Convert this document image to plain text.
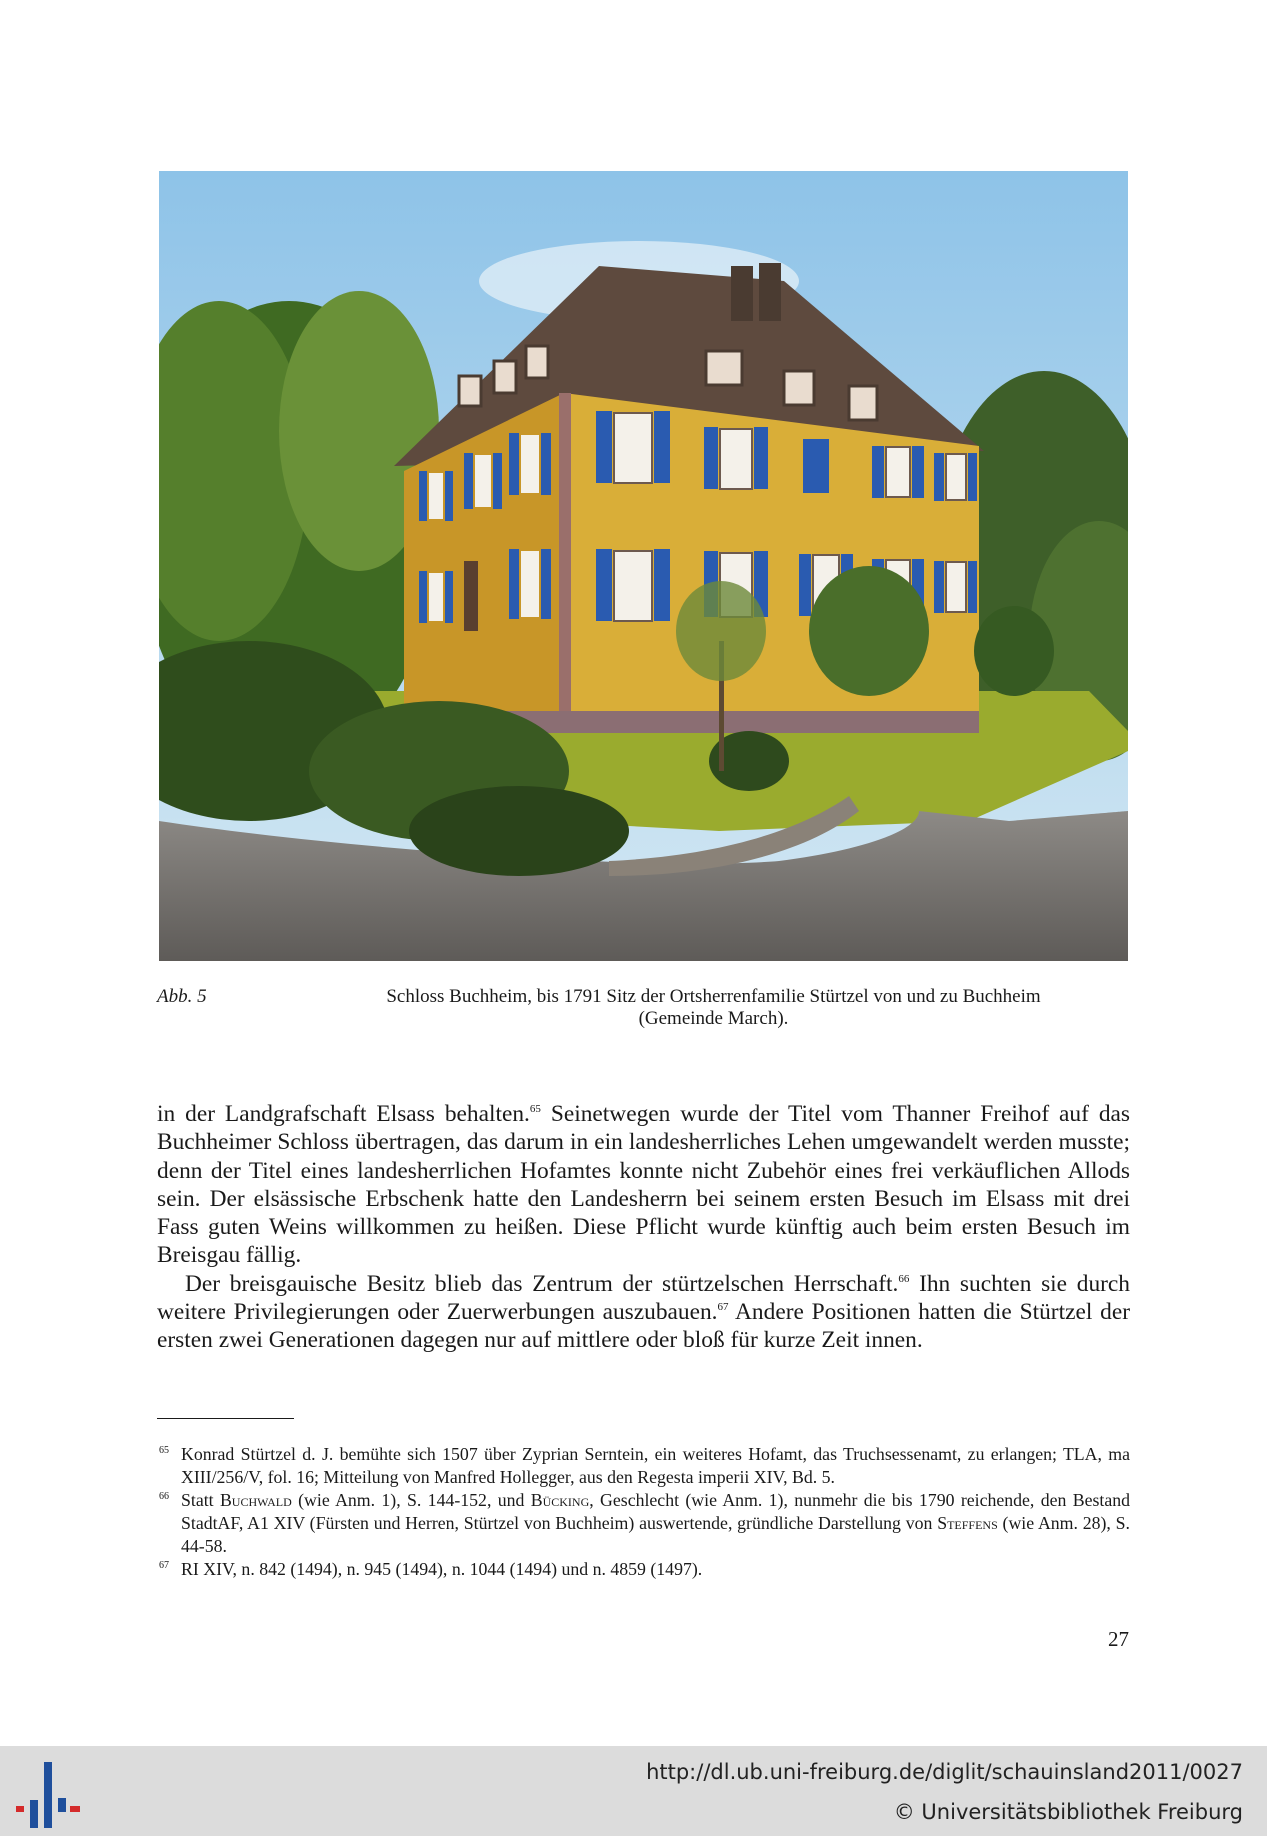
Abb. 5	Schloss Buchheim, bis 1791 Sitz der Ortsherrenfamilie Stürtzel von und zu Buchheim
(Gemeinde March).

in der Landgrafschaft Elsass behalten.$^{65}$ Seinetwegen wurde der Titel vom Thanner Freihof auf das Buchheimer Schloss übertragen, das darum in ein landesherrliches Lehen umgewandelt werden musste; denn der Titel eines landesherrlichen Hofamtes konnte nicht Zubehör eines frei verkäuflichen Allods sein. Der elsässische Erbschenk hatte den Landesherrn bei seinem ersten Besuch im Elsass mit drei Fass guten Weins willkommen zu heißen. Diese Pflicht wurde künftig auch beim ersten Besuch im Breisgau fällig.

Der breisgauische Besitz blieb das Zentrum der stürtzelschen Herrschaft.$^{66}$ Ihn suchten sie durch weitere Privilegierungen oder Zuerwerbungen auszubauen.$^{67}$ Andere Positionen hatten die Stürtzel der ersten zwei Generationen dagegen nur auf mittlere oder bloß für kurze Zeit innen.

65 Konrad Stürtzel d. J. bemühte sich 1507 über Zyprian Serntein, ein weiteres Hofamt, das Truchsessenamt, zu erlangen; TLA, ma XIII/256/V, fol. 16; Mitteilung von Manfred Hollegger, aus den Regesta imperii XIV, Bd. 5.
66 Statt Buchwald (wie Anm. 1), S. 144-152, und Bücking, Geschlecht (wie Anm. 1), nunmehr die bis 1790 reichende, den Bestand StadtAF, A1 XIV (Fürsten und Herren, Stürtzel von Buchheim) auswertende, gründliche Darstellung von Steffens (wie Anm. 28), S. 44-58.
67 RI XIV, n. 842 (1494), n. 945 (1494), n. 1044 (1494) und n. 4859 (1497).
27
http://dl.ub.uni-freiburg.de/diglit/schauinsland2011/0027
© Universitätsbibliothek Freiburg
